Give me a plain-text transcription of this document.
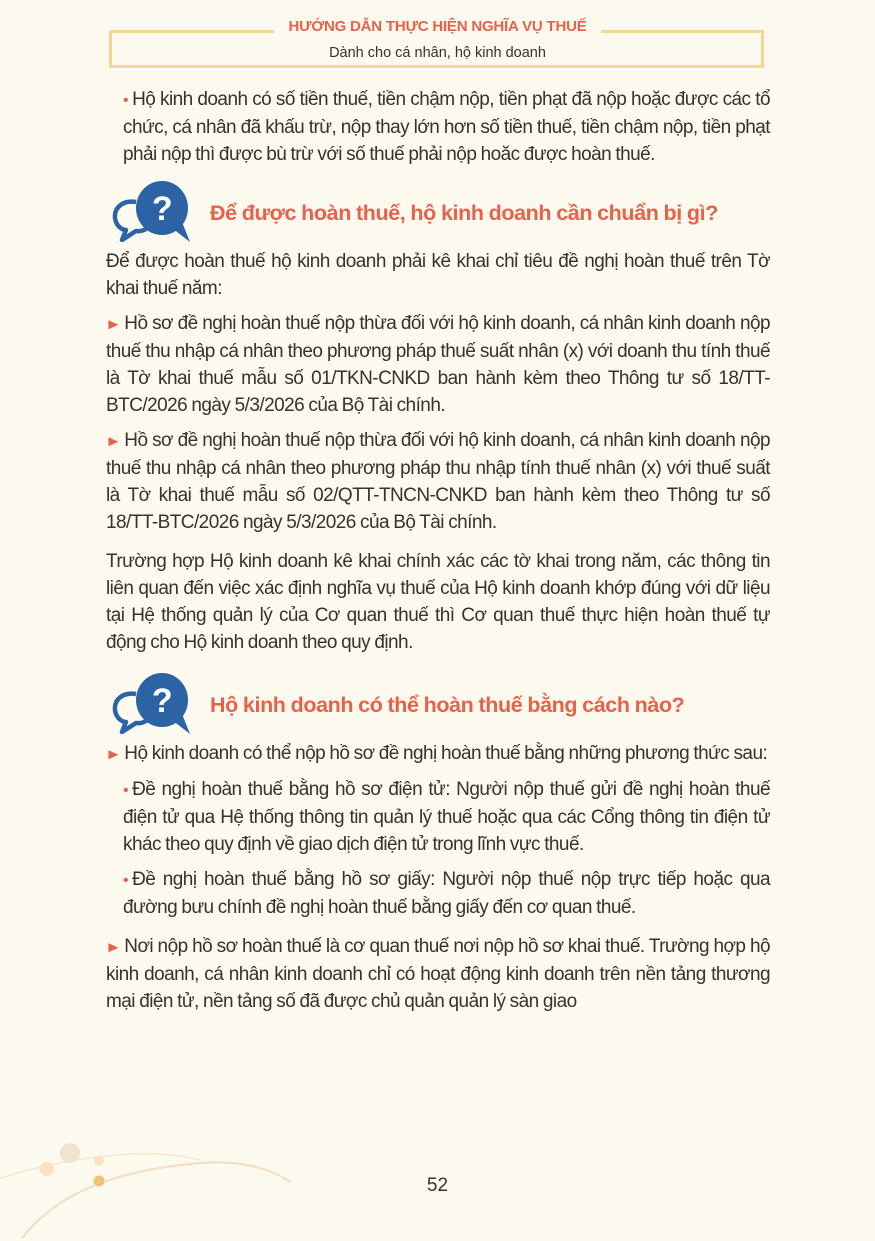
HƯỚNG DẪN THỰC HIỆN NGHĨA VỤ THUẾ
Dành cho cá nhân, hộ kinh doanh

• Hộ kinh doanh có số tiền thuế, tiền chậm nộp, tiền phạt đã nộp hoặc được các tổ chức, cá nhân đã khấu trừ, nộp thay lớn hơn số tiền thuế, tiền chậm nộp, tiền phạt phải nộp thì được bù trừ với số thuế phải nộp hoăc được hoàn thuế.

? Để được hoàn thuế, hộ kinh doanh cần chuẩn bị gì?

Để được hoàn thuế hộ kinh doanh phải kê khai chỉ tiêu đề nghị hoàn thuế trên Tờ khai thuế năm:

► Hồ sơ đề nghị hoàn thuế nộp thừa đối với hộ kinh doanh, cá nhân kinh doanh nộp thuế thu nhập cá nhân theo phương pháp thuế suất nhân (x) với doanh thu tính thuế là Tờ khai thuế mẫu số 01/TKN-CNKD ban hành kèm theo Thông tư số 18/TT-BTC/2026 ngày 5/3/2026 của Bộ Tài chính.

► Hồ sơ đề nghị hoàn thuế nộp thừa đối với hộ kinh doanh, cá nhân kinh doanh nộp thuế thu nhập cá nhân theo phương pháp thu nhập tính thuế nhân (x) với thuế suất là Tờ khai thuế mẫu số 02/QTT-TNCN-CNKD ban hành kèm theo Thông tư số 18/TT-BTC/2026 ngày 5/3/2026 của Bộ Tài chính.

Trường hợp Hộ kinh doanh kê khai chính xác các tờ khai trong năm, các thông tin liên quan đến việc xác định nghĩa vụ thuế của Hộ kinh doanh khớp đúng với dữ liệu tại Hệ thống quản lý của Cơ quan thuế thì Cơ quan thuế thực hiện hoàn thuế tự động cho Hộ kinh doanh theo quy định.

? Hộ kinh doanh có thể hoàn thuế bằng cách nào?

► Hộ kinh doanh có thể nộp hồ sơ đề nghị hoàn thuế bằng những phương thức sau:

• Đề nghị hoàn thuế bằng hồ sơ điện tử: Người nộp thuế gửi đề nghị hoàn thuế điện tử qua Hệ thống thông tin quản lý thuế hoặc qua các Cổng thông tin điện tử khác theo quy định về giao dịch điện tử trong lĩnh vực thuế.

• Đề nghị hoàn thuế bằng hồ sơ giấy: Người nộp thuế nộp trực tiếp hoặc qua đường bưu chính đề nghị hoàn thuế bằng giấy đến cơ quan thuế.

► Nơi nộp hồ sơ hoàn thuế là cơ quan thuế nơi nộp hồ sơ khai thuế. Trường hợp hộ kinh doanh, cá nhân kinh doanh chỉ có hoạt động kinh doanh trên nền tảng thương mại điện tử, nền tảng số đã được chủ quản quản lý sàn giao

52
